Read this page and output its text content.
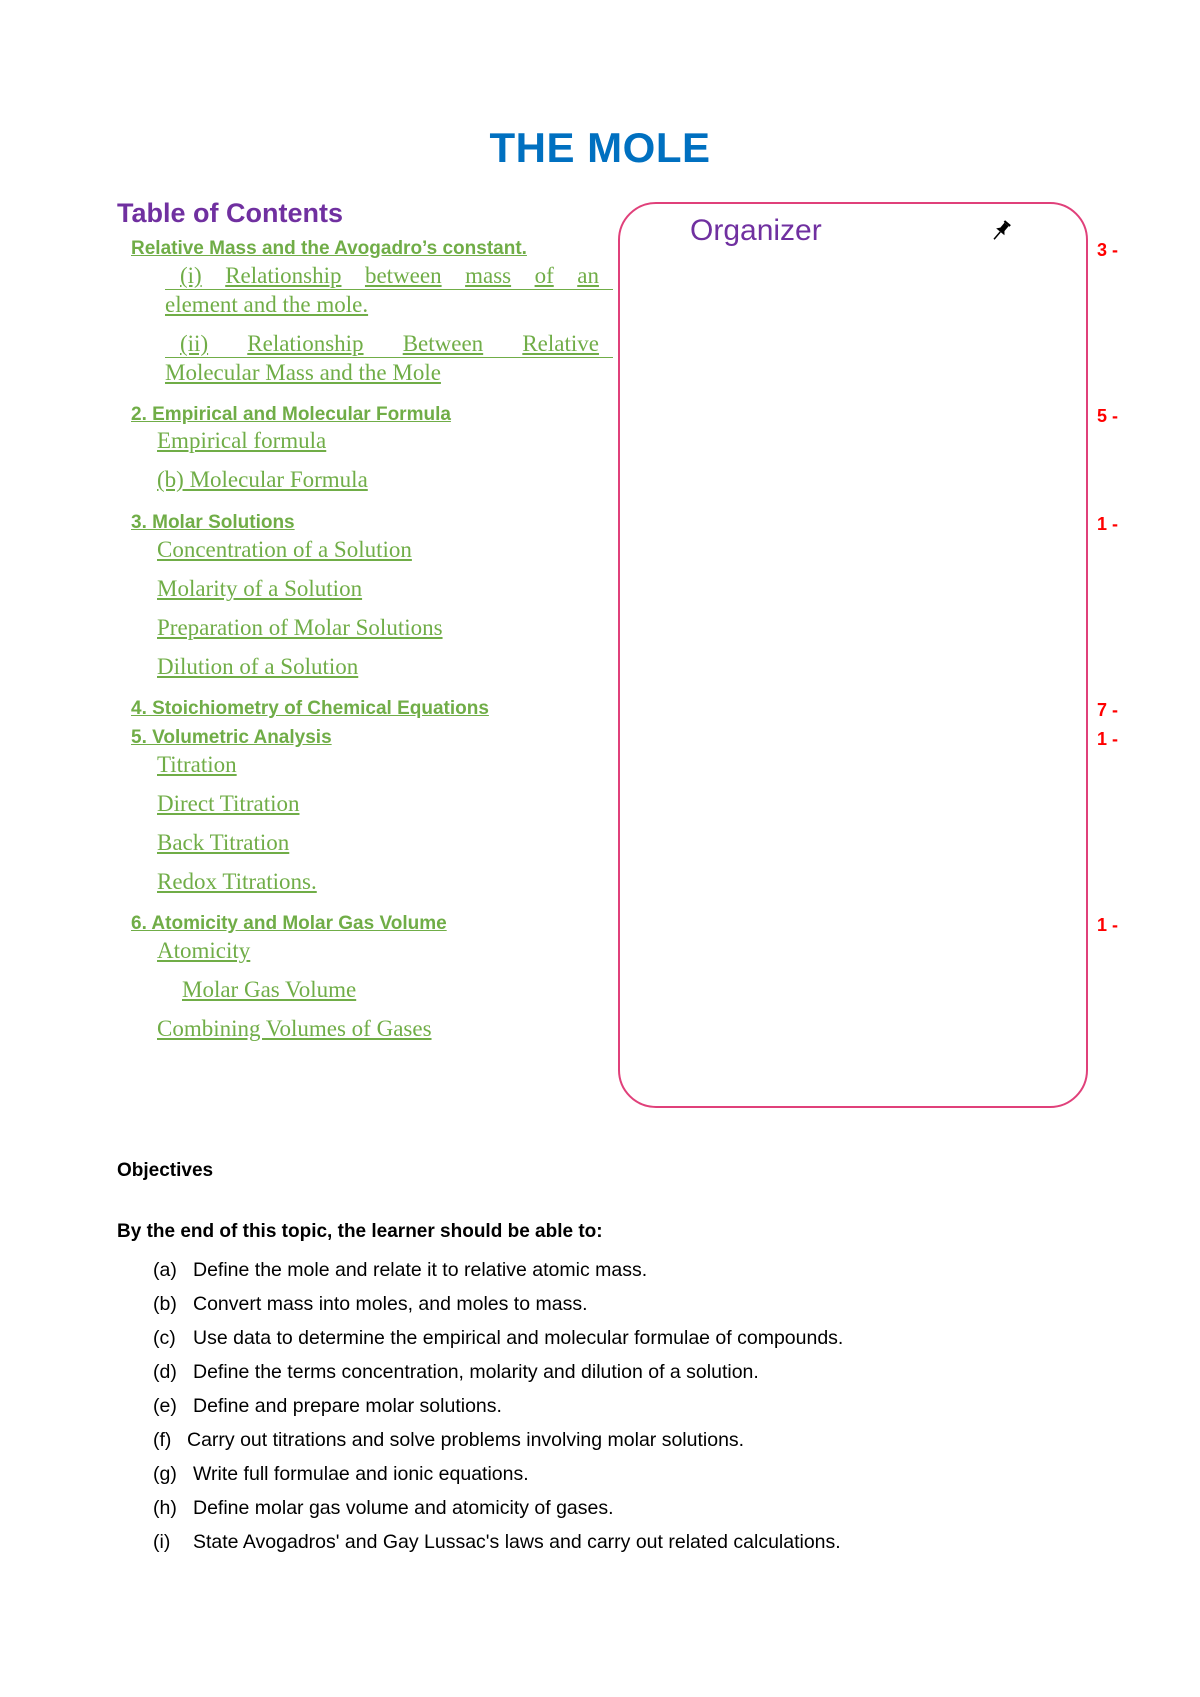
THE MOLE
Table of Contents
Relative Mass and the Avogadro’s constant.
(i) Relationship between mass of an
element and the mole.
(ii) Relationship Between Relative
Molecular Mass and the Mole

3 -

2. Empirical and Molecular Formula
Empirical formula
(b) Molecular Formula

5 -

3. Molar Solutions
Concentration of a Solution
Molarity of a Solution
Preparation of Molar Solutions
Dilution of a Solution

1 -

4. Stoichiometry of Chemical Equations	7 -

5. Volumetric Analysis
Titration
Direct Titration
Back Titration
Redox Titrations.

1 -

6. Atomicity and Molar Gas Volume
Atomicity
Molar Gas Volume
Combining Volumes of Gases

1 -

Organizer

Objectives

By the end of this topic, the learner should be able to:

(a) Define the mole and relate it to relative atomic mass.
(b) Convert mass into moles, and moles to mass.
(c) Use data to determine the empirical and molecular formulae of compounds.
(d) Define the terms concentration, molarity and dilution of a solution.
(e) Define and prepare molar solutions.
(f) Carry out titrations and solve problems involving molar solutions.
(g) Write full formulae and ionic equations.
(h) Define molar gas volume and atomicity of gases.
(i) State Avogadros' and Gay Lussac's laws and carry out related calculations.
